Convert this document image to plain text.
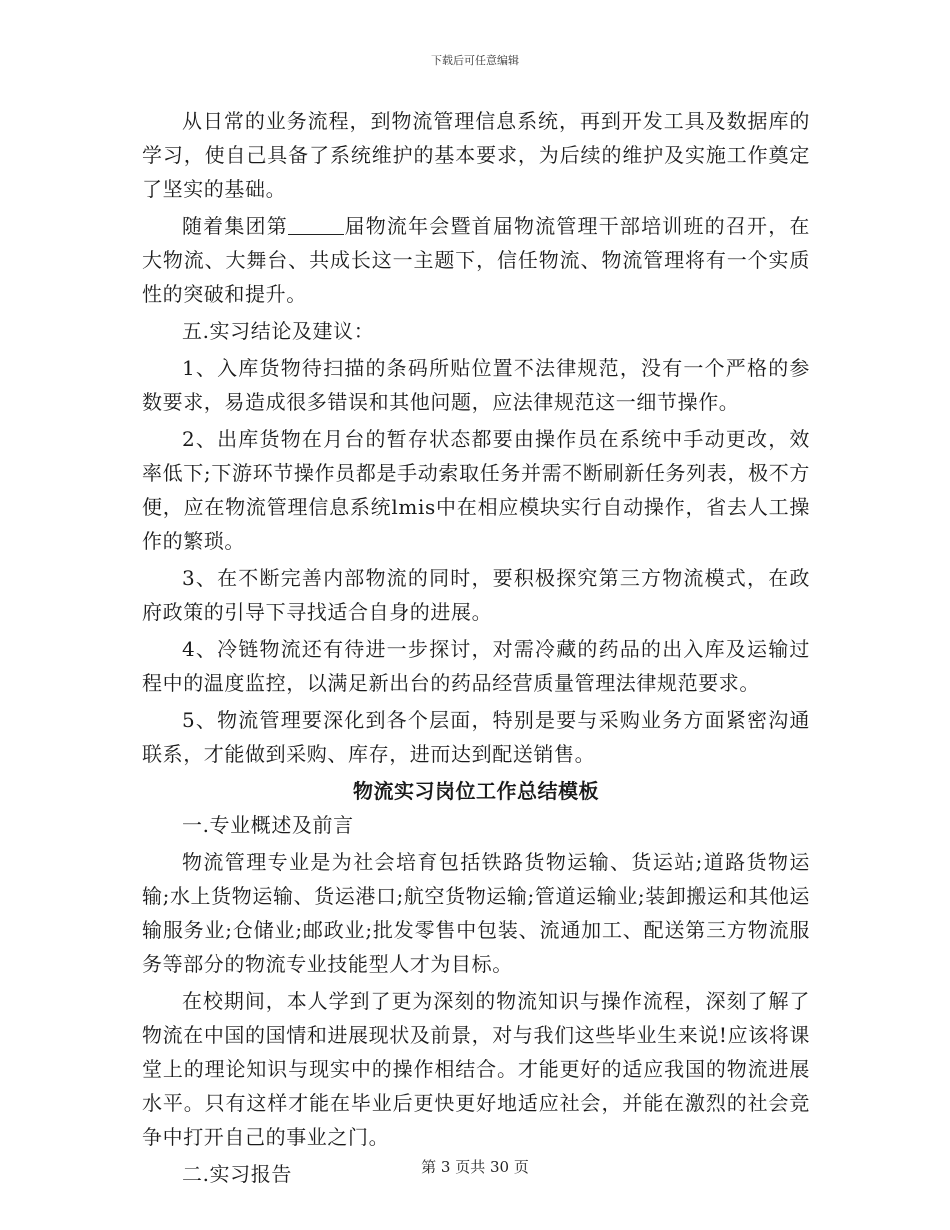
下载后可任意编辑

从日常的业务流程，到物流管理信息系统，再到开发工具及数据库的学习，使自己具备了系统维护的基本要求，为后续的维护及实施工作奠定了坚实的基础。

随着集团第	届物流年会暨首届物流管理干部培训班的召开，在大物流、大舞台、共成长这一主题下，信任物流、物流管理将有一个实质性的突破和提升。

五.实习结论及建议：

1、入库货物待扫描的条码所贴位置不法律规范，没有一个严格的参数要求，易造成很多错误和其他问题，应法律规范这一细节操作。

2、出库货物在月台的暂存状态都要由操作员在系统中手动更改，效率低下;下游环节操作员都是手动索取任务并需不断刷新任务列表，极不方便，应在物流管理信息系统lmis中在相应模块实行自动操作，省去人工操作的繁琐。

3、在不断完善内部物流的同时，要积极探究第三方物流模式，在政府政策的引导下寻找适合自身的进展。

4、冷链物流还有待进一步探讨，对需冷藏的药品的出入库及运输过程中的温度监控，以满足新出台的药品经营质量管理法律规范要求。

5、物流管理要深化到各个层面，特别是要与采购业务方面紧密沟通联系，才能做到采购、库存，进而达到配送销售。

物流实习岗位工作总结模板

一.专业概述及前言

物流管理专业是为社会培育包括铁路货物运输、货运站;道路货物运输;水上货物运输、货运港口;航空货物运输;管道运输业;装卸搬运和其他运输服务业;仓储业;邮政业;批发零售中包装、流通加工、配送第三方物流服务等部分的物流专业技能型人才为目标。

在校期间，本人学到了更为深刻的物流知识与操作流程，深刻了解了物流在中国的国情和进展现状及前景，对与我们这些毕业生来说!应该将课堂上的理论知识与现实中的操作相结合。才能更好的适应我国的物流进展水平。只有这样才能在毕业后更快更好地适应社会，并能在激烈的社会竞争中打开自己的事业之门。

二.实习报告	第 3 页共 30 页
